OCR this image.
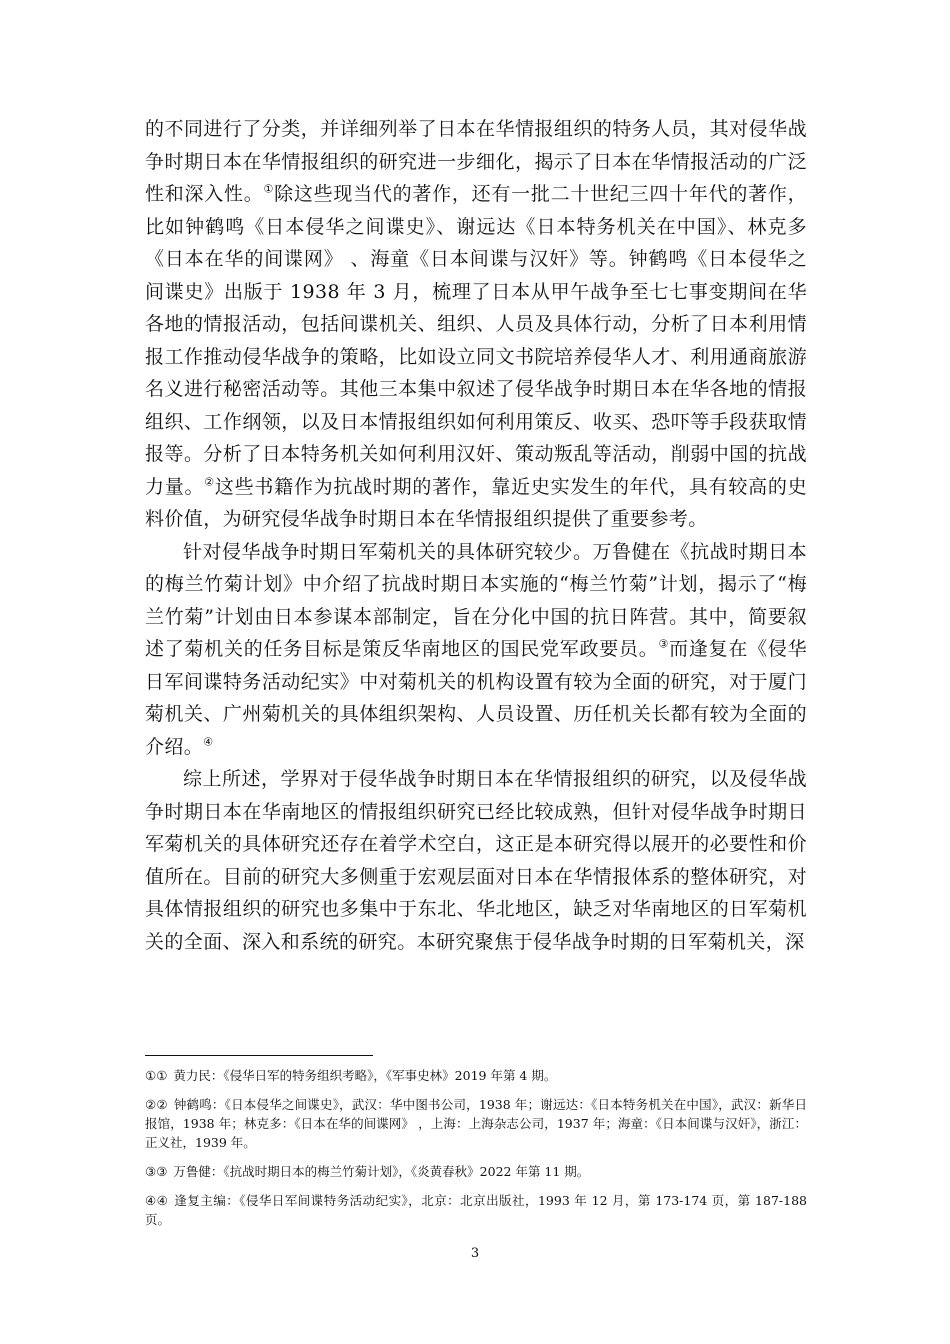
的不同进行了分类，并详细列举了日本在华情报组织的特务人员，其对侵华战争时期日本在华情报组织的研究进一步细化，揭示了日本在华情报活动的广泛性和深入性。①除这些现当代的著作，还有一批二十世纪三四十年代的著作，比如钟鹤鸣《日本侵华之间谍史》、谢远达《日本特务机关在中国》、林克多《日本在华的间谍网》 、海童《日本间谍与汉奸》等。钟鹤鸣《日本侵华之间谍史》出版于 1938 年 3 月，梳理了日本从甲午战争至七七事变期间在华各地的情报活动，包括间谍机关、组织、人员及具体行动，分析了日本利用情报工作推动侵华战争的策略，比如设立同文书院培养侵华人才、利用通商旅游名义进行秘密活动等。其他三本集中叙述了侵华战争时期日本在华各地的情报组织、工作纲领，以及日本情报组织如何利用策反、收买、恐吓等手段获取情报等。分析了日本特务机关如何利用汉奸、策动叛乱等活动，削弱中国的抗战力量。②这些书籍作为抗战时期的著作，靠近史实发生的年代，具有较高的史料价值，为研究侵华战争时期日本在华情报组织提供了重要参考。

针对侵华战争时期日军菊机关的具体研究较少。万鲁健在《抗战时期日本的梅兰竹菊计划》中介绍了抗战时期日本实施的“梅兰竹菊”计划，揭示了“梅兰竹菊”计划由日本参谋本部制定，旨在分化中国的抗日阵营。其中，简要叙述了菊机关的任务目标是策反华南地区的国民党军政要员。③而逢复在《侵华日军间谍特务活动纪实》中对菊机关的机构设置有较为全面的研究，对于厦门菊机关、广州菊机关的具体组织架构、人员设置、历任机关长都有较为全面的介绍。④

综上所述，学界对于侵华战争时期日本在华情报组织的研究，以及侵华战争时期日本在华南地区的情报组织研究已经比较成熟，但针对侵华战争时期日军菊机关的具体研究还存在着学术空白，这正是本研究得以展开的必要性和价值所在。目前的研究大多侧重于宏观层面对日本在华情报体系的整体研究，对具体情报组织的研究也多集中于东北、华北地区，缺乏对华南地区的日军菊机关的全面、深入和系统的研究。本研究聚焦于侵华战争时期的日军菊机关，深

①① 黄力民：《侵华日军的特务组织考略》，《军事史林》2019 年第 4 期。

②② 钟鹤鸣：《日本侵华之间谍史》，武汉：华中图书公司，1938 年；谢远达：《日本特务机关在中国》，武汉：新华日报馆，1938 年；林克多：《日本在华的间谍网》 ，上海：上海杂志公司，1937 年；海童：《日本间谍与汉奸》，浙江：正义社，1939 年。

③③ 万鲁健：《抗战时期日本的梅兰竹菊计划》，《炎黄春秋》2022 年第 11 期。

④④ 逢复主编：《侵华日军间谍特务活动纪实》，北京：北京出版社，1993 年 12 月，第 173-174 页，第 187-188 页。

3
